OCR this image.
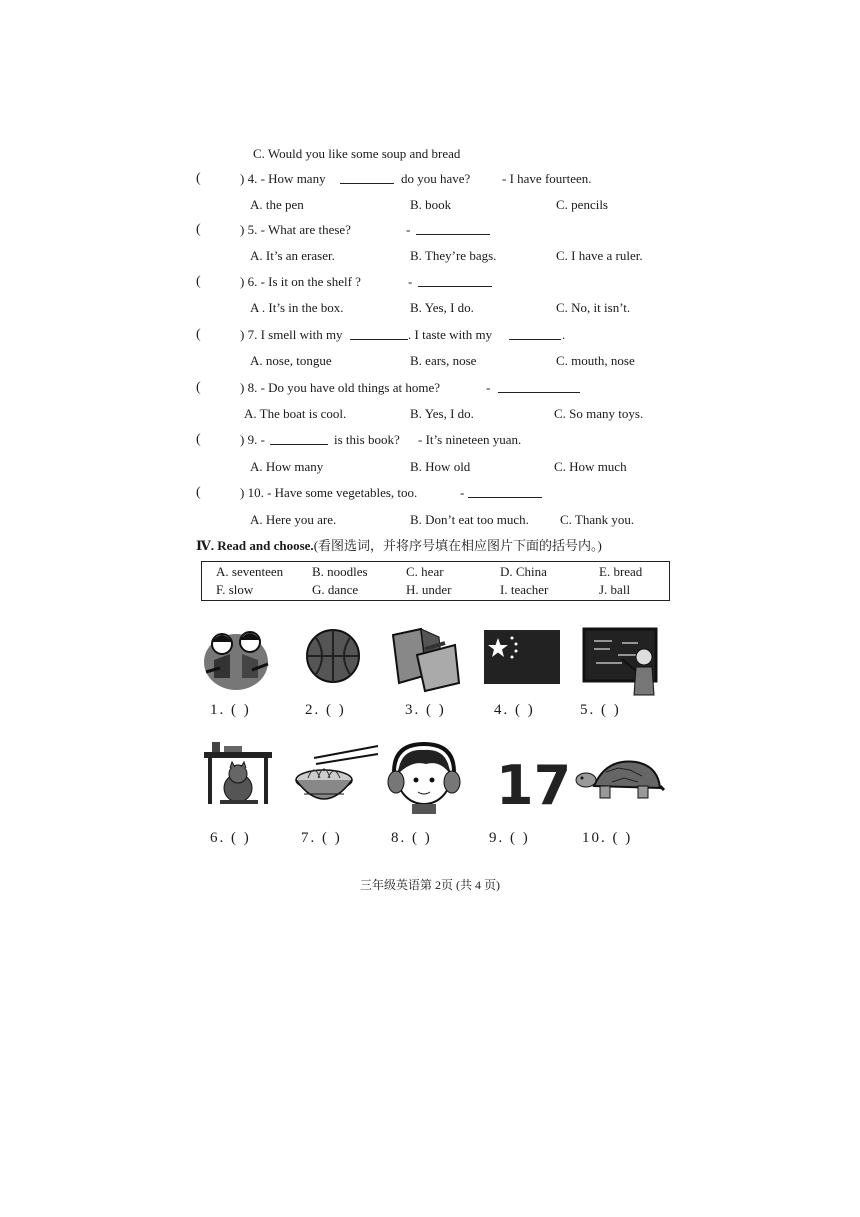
C. Would you like some soup and bread
(	) 4. - How many	do you have? - I have fourteen.
A. the pen	B. book	C. pencils
(	) 5. - What are these?	-
A. It’s an eraser.	B. They’re bags.	C. I have a ruler.
(	) 6. - Is it on the shelf ?	-
A . It’s in the box.	B. Yes, I do.	C. No, it isn’t.
(	) 7. I smell with my	. I taste with my	.
A. nose, tongue	B. ears, nose	C. mouth, nose
(	) 8. - Do you have old things at home?	-
A. The boat is cool.	B. Yes, I do.	C. So many toys.
(	) 9. -	is this book? - It’s nineteen yuan.
A. How many	B. How old	C. How much
(	) 10. - Have some vegetables, too.	-
A. Here you are.	B. Don’t eat too much. C. Thank you.
Ⅳ. Read and choose.(看图选词，并将序号填在相应图片下面的括号内。)
A. seventeen B. noodles	C. hear	D. China	E. bread
F. slow	G. dance	H. under	I. teacher	J. ball
1. ( )	2. ( )	3. ( )	4. ( )	5. ( )
17
6. ( )	7. ( )	8. ( )	9. ( )	10. ( )
三年级英语第 2页 (共 4 页)
